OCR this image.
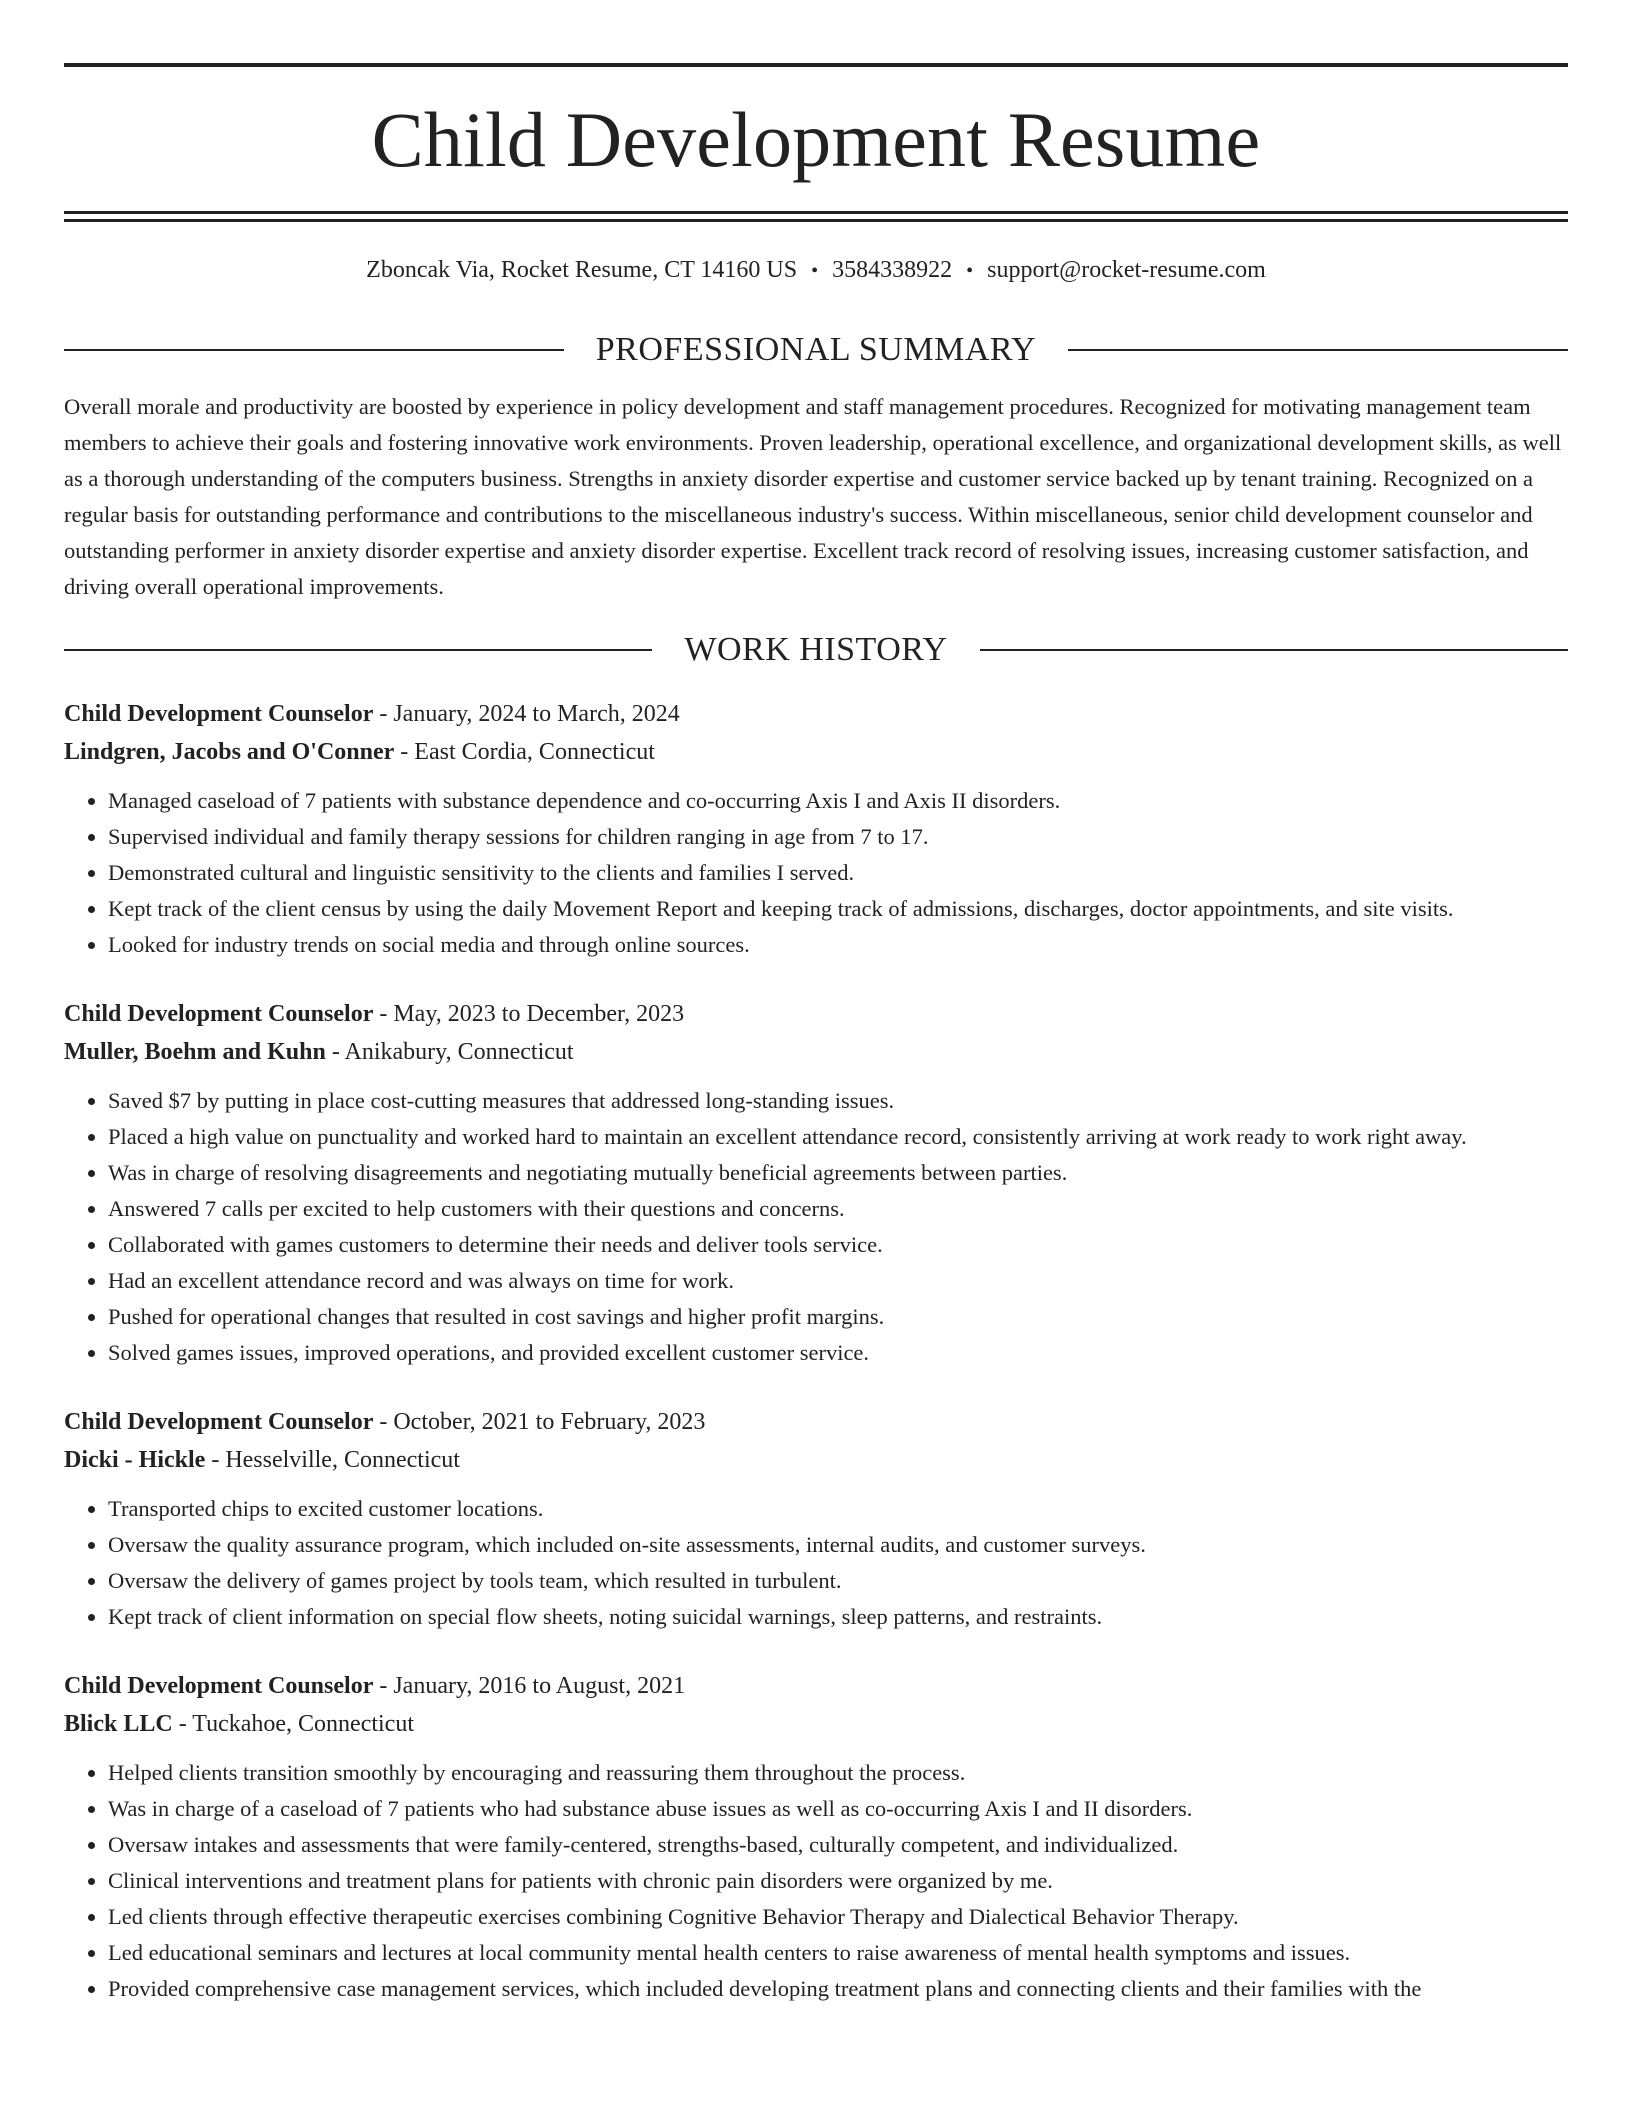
Child Development Resume
Zboncak Via, Rocket Resume, CT 14160 US • 3584338922 • support@rocket-resume.com
PROFESSIONAL SUMMARY

Overall morale and productivity are boosted by experience in policy development and staff management procedures. Recognized for motivating management team members to achieve their goals and fostering innovative work environments. Proven leadership, operational excellence, and organizational development skills, as well as a thorough understanding of the computers business. Strengths in anxiety disorder expertise and customer service backed up by tenant training. Recognized on a regular basis for outstanding performance and contributions to the miscellaneous industry's success. Within miscellaneous, senior child development counselor and outstanding performer in anxiety disorder expertise and anxiety disorder expertise. Excellent track record of resolving issues, increasing customer satisfaction, and driving overall operational improvements.

WORK HISTORY
Child Development Counselor - January, 2024 to March, 2024
Lindgren, Jacobs and O'Conner - East Cordia, Connecticut
• Managed caseload of 7 patients with substance dependence and co-occurring Axis I and Axis II disorders.
• Supervised individual and family therapy sessions for children ranging in age from 7 to 17.
• Demonstrated cultural and linguistic sensitivity to the clients and families I served.
• Kept track of the client census by using the daily Movement Report and keeping track of admissions, discharges, doctor appointments, and site visits.
• Looked for industry trends on social media and through online sources.
Child Development Counselor - May, 2023 to December, 2023
Muller, Boehm and Kuhn - Anikabury, Connecticut
• Saved $7 by putting in place cost-cutting measures that addressed long-standing issues.
• Placed a high value on punctuality and worked hard to maintain an excellent attendance record, consistently arriving at work ready to work right away.
• Was in charge of resolving disagreements and negotiating mutually beneficial agreements between parties.
• Answered 7 calls per excited to help customers with their questions and concerns.
• Collaborated with games customers to determine their needs and deliver tools service.
• Had an excellent attendance record and was always on time for work.
• Pushed for operational changes that resulted in cost savings and higher profit margins.
• Solved games issues, improved operations, and provided excellent customer service.
Child Development Counselor - October, 2021 to February, 2023
Dicki - Hickle - Hesselville, Connecticut
• Transported chips to excited customer locations.
• Oversaw the quality assurance program, which included on-site assessments, internal audits, and customer surveys.
• Oversaw the delivery of games project by tools team, which resulted in turbulent.
• Kept track of client information on special flow sheets, noting suicidal warnings, sleep patterns, and restraints.
Child Development Counselor - January, 2016 to August, 2021
Blick LLC - Tuckahoe, Connecticut
• Helped clients transition smoothly by encouraging and reassuring them throughout the process.
• Was in charge of a caseload of 7 patients who had substance abuse issues as well as co-occurring Axis I and II disorders.
• Oversaw intakes and assessments that were family-centered, strengths-based, culturally competent, and individualized.
• Clinical interventions and treatment plans for patients with chronic pain disorders were organized by me.
• Led clients through effective therapeutic exercises combining Cognitive Behavior Therapy and Dialectical Behavior Therapy.
• Led educational seminars and lectures at local community mental health centers to raise awareness of mental health symptoms and issues.
• Provided comprehensive case management services, which included developing treatment plans and connecting clients and their families with the
